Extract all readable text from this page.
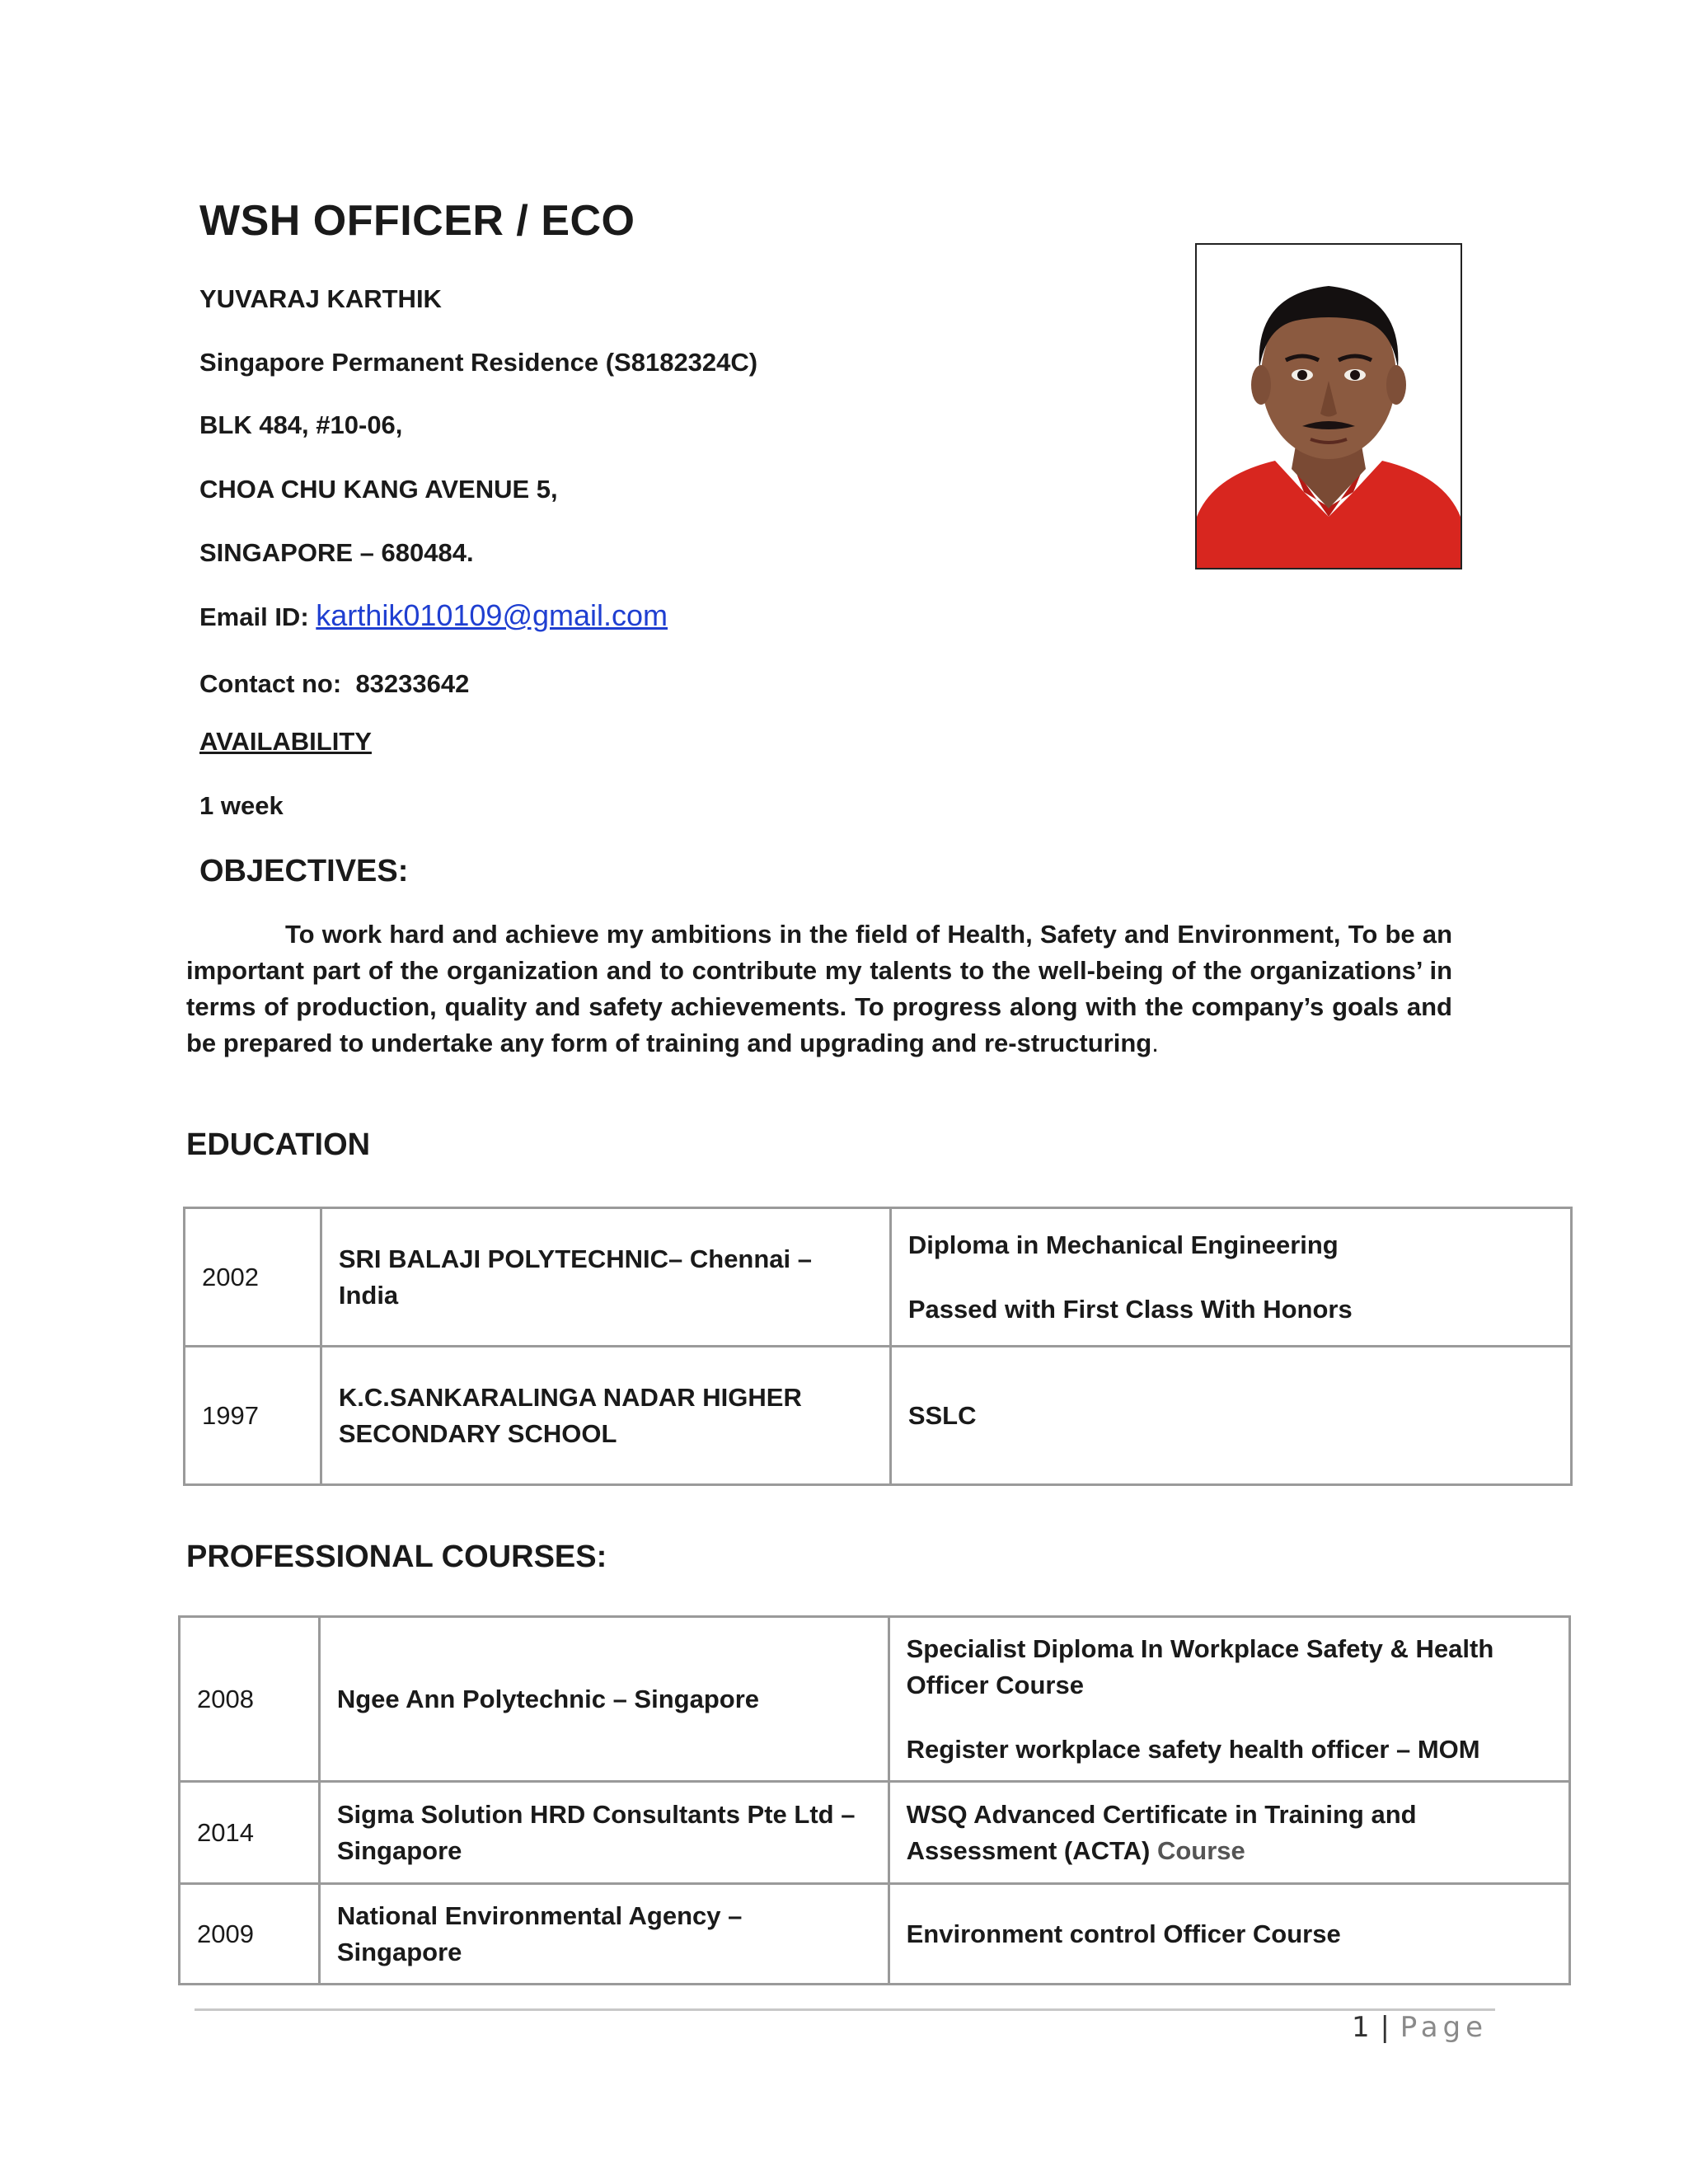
WSH OFFICER / ECO
YUVARAJ KARTHIK
Singapore Permanent Residence (S8182324C)
BLK 484, #10-06,
CHOA CHU KANG AVENUE 5,
SINGAPORE – 680484.
Email ID: karthik010109@gmail.com
Contact no: 83233642
AVAILABILITY
1 week
OBJECTIVES:
To work hard and achieve my ambitions in the field of Health, Safety and Environment, To be an important part of the organization and to contribute my talents to the well-being of the organizations’ in terms of production, quality and safety achievements. To progress along with the company’s goals and be prepared to undertake any form of training and upgrading and re-structuring.
EDUCATION
2002	SRI BALAJI POLYTECHNIC– Chennai – India	Diploma in Mechanical Engineering
Passed with First Class With Honors

1997	K.C.SANKARALINGA NADAR HIGHER SECONDARY SCHOOL	SSLC
PROFESSIONAL COURSES:
2008	Ngee Ann Polytechnic – Singapore	Specialist Diploma In Workplace Safety & Health Officer Course
Register workplace safety health officer – MOM

2014	Sigma Solution HRD Consultants Pte Ltd – Singapore	WSQ Advanced Certificate in Training and Assessment (ACTA) Course
2009	National Environmental Agency – Singapore	Environment control Officer Course
1 | Page
